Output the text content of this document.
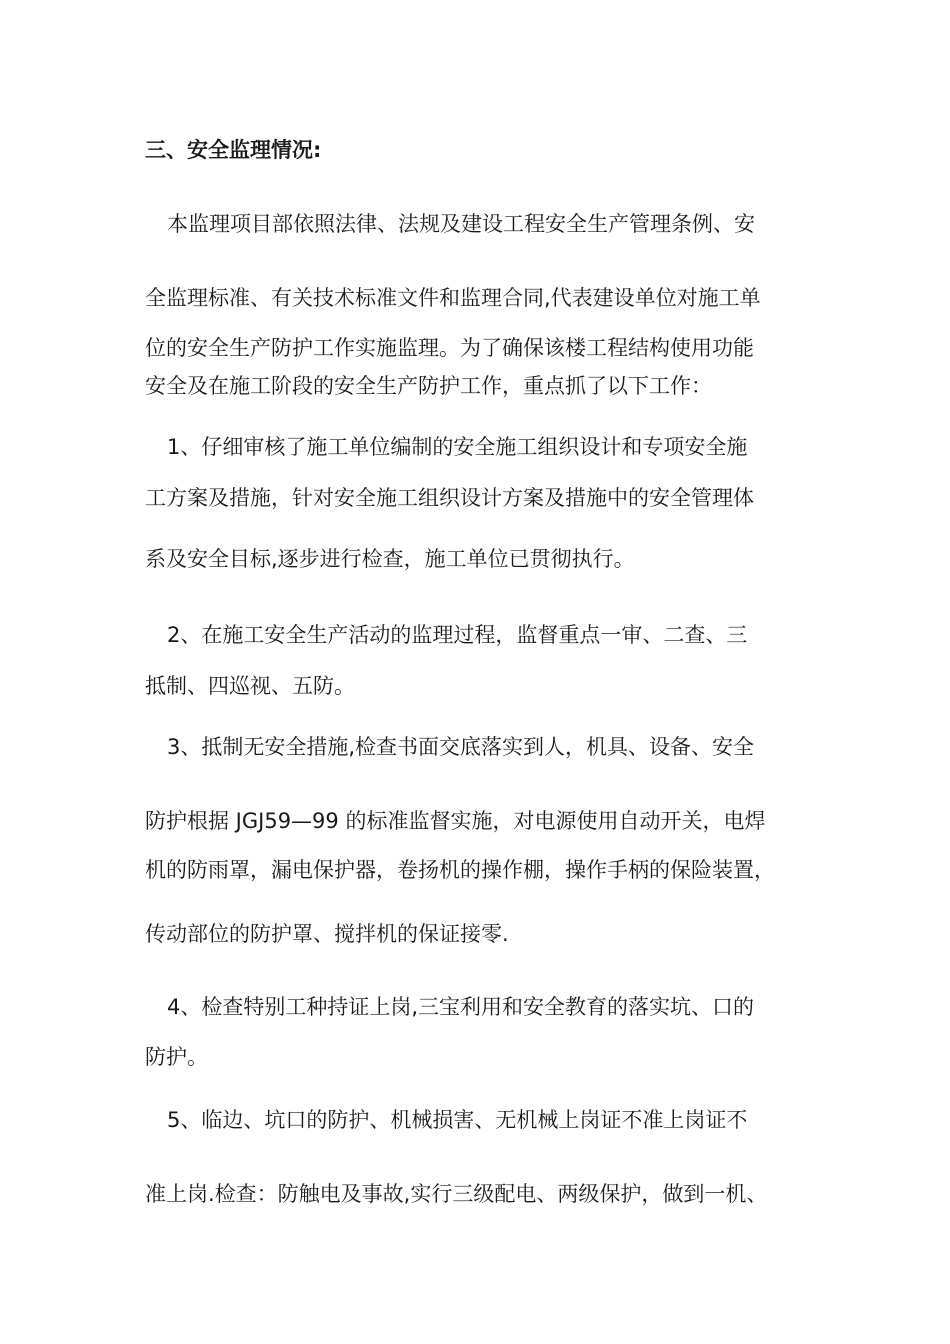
三、安全监理情况:
本监理项目部依照法律、法规及建设工程安全生产管理条例、安
全监理标准、有关技术标准文件和监理合同,代表建设单位对施工单
位的安全生产防护工作实施监理。为了确保该楼工程结构使用功能
安全及在施工阶段的安全生产防护工作，重点抓了以下工作：
1、仔细审核了施工单位编制的安全施工组织设计和专项安全施
工方案及措施，针对安全施工组织设计方案及措施中的安全管理体
系及安全目标,逐步进行检查，施工单位已贯彻执行。
2、在施工安全生产活动的监理过程，监督重点一审、二查、三
抵制、四巡视、五防。
3、抵制无安全措施,检查书面交底落实到人，机具、设备、安全
防护根据 JGJ59—99 的标准监督实施，对电源使用自动开关，电焊
机的防雨罩，漏电保护器，卷扬机的操作棚，操作手柄的保险装置，
传动部位的防护罩、搅拌机的保证接零.
4、检查特别工种持证上岗,三宝利用和安全教育的落实坑、口的
防护。
5、临边、坑口的防护、机械损害、无机械上岗证不准上岗证不
准上岗.检查：防触电及事故,实行三级配电、两级保护，做到一机、
